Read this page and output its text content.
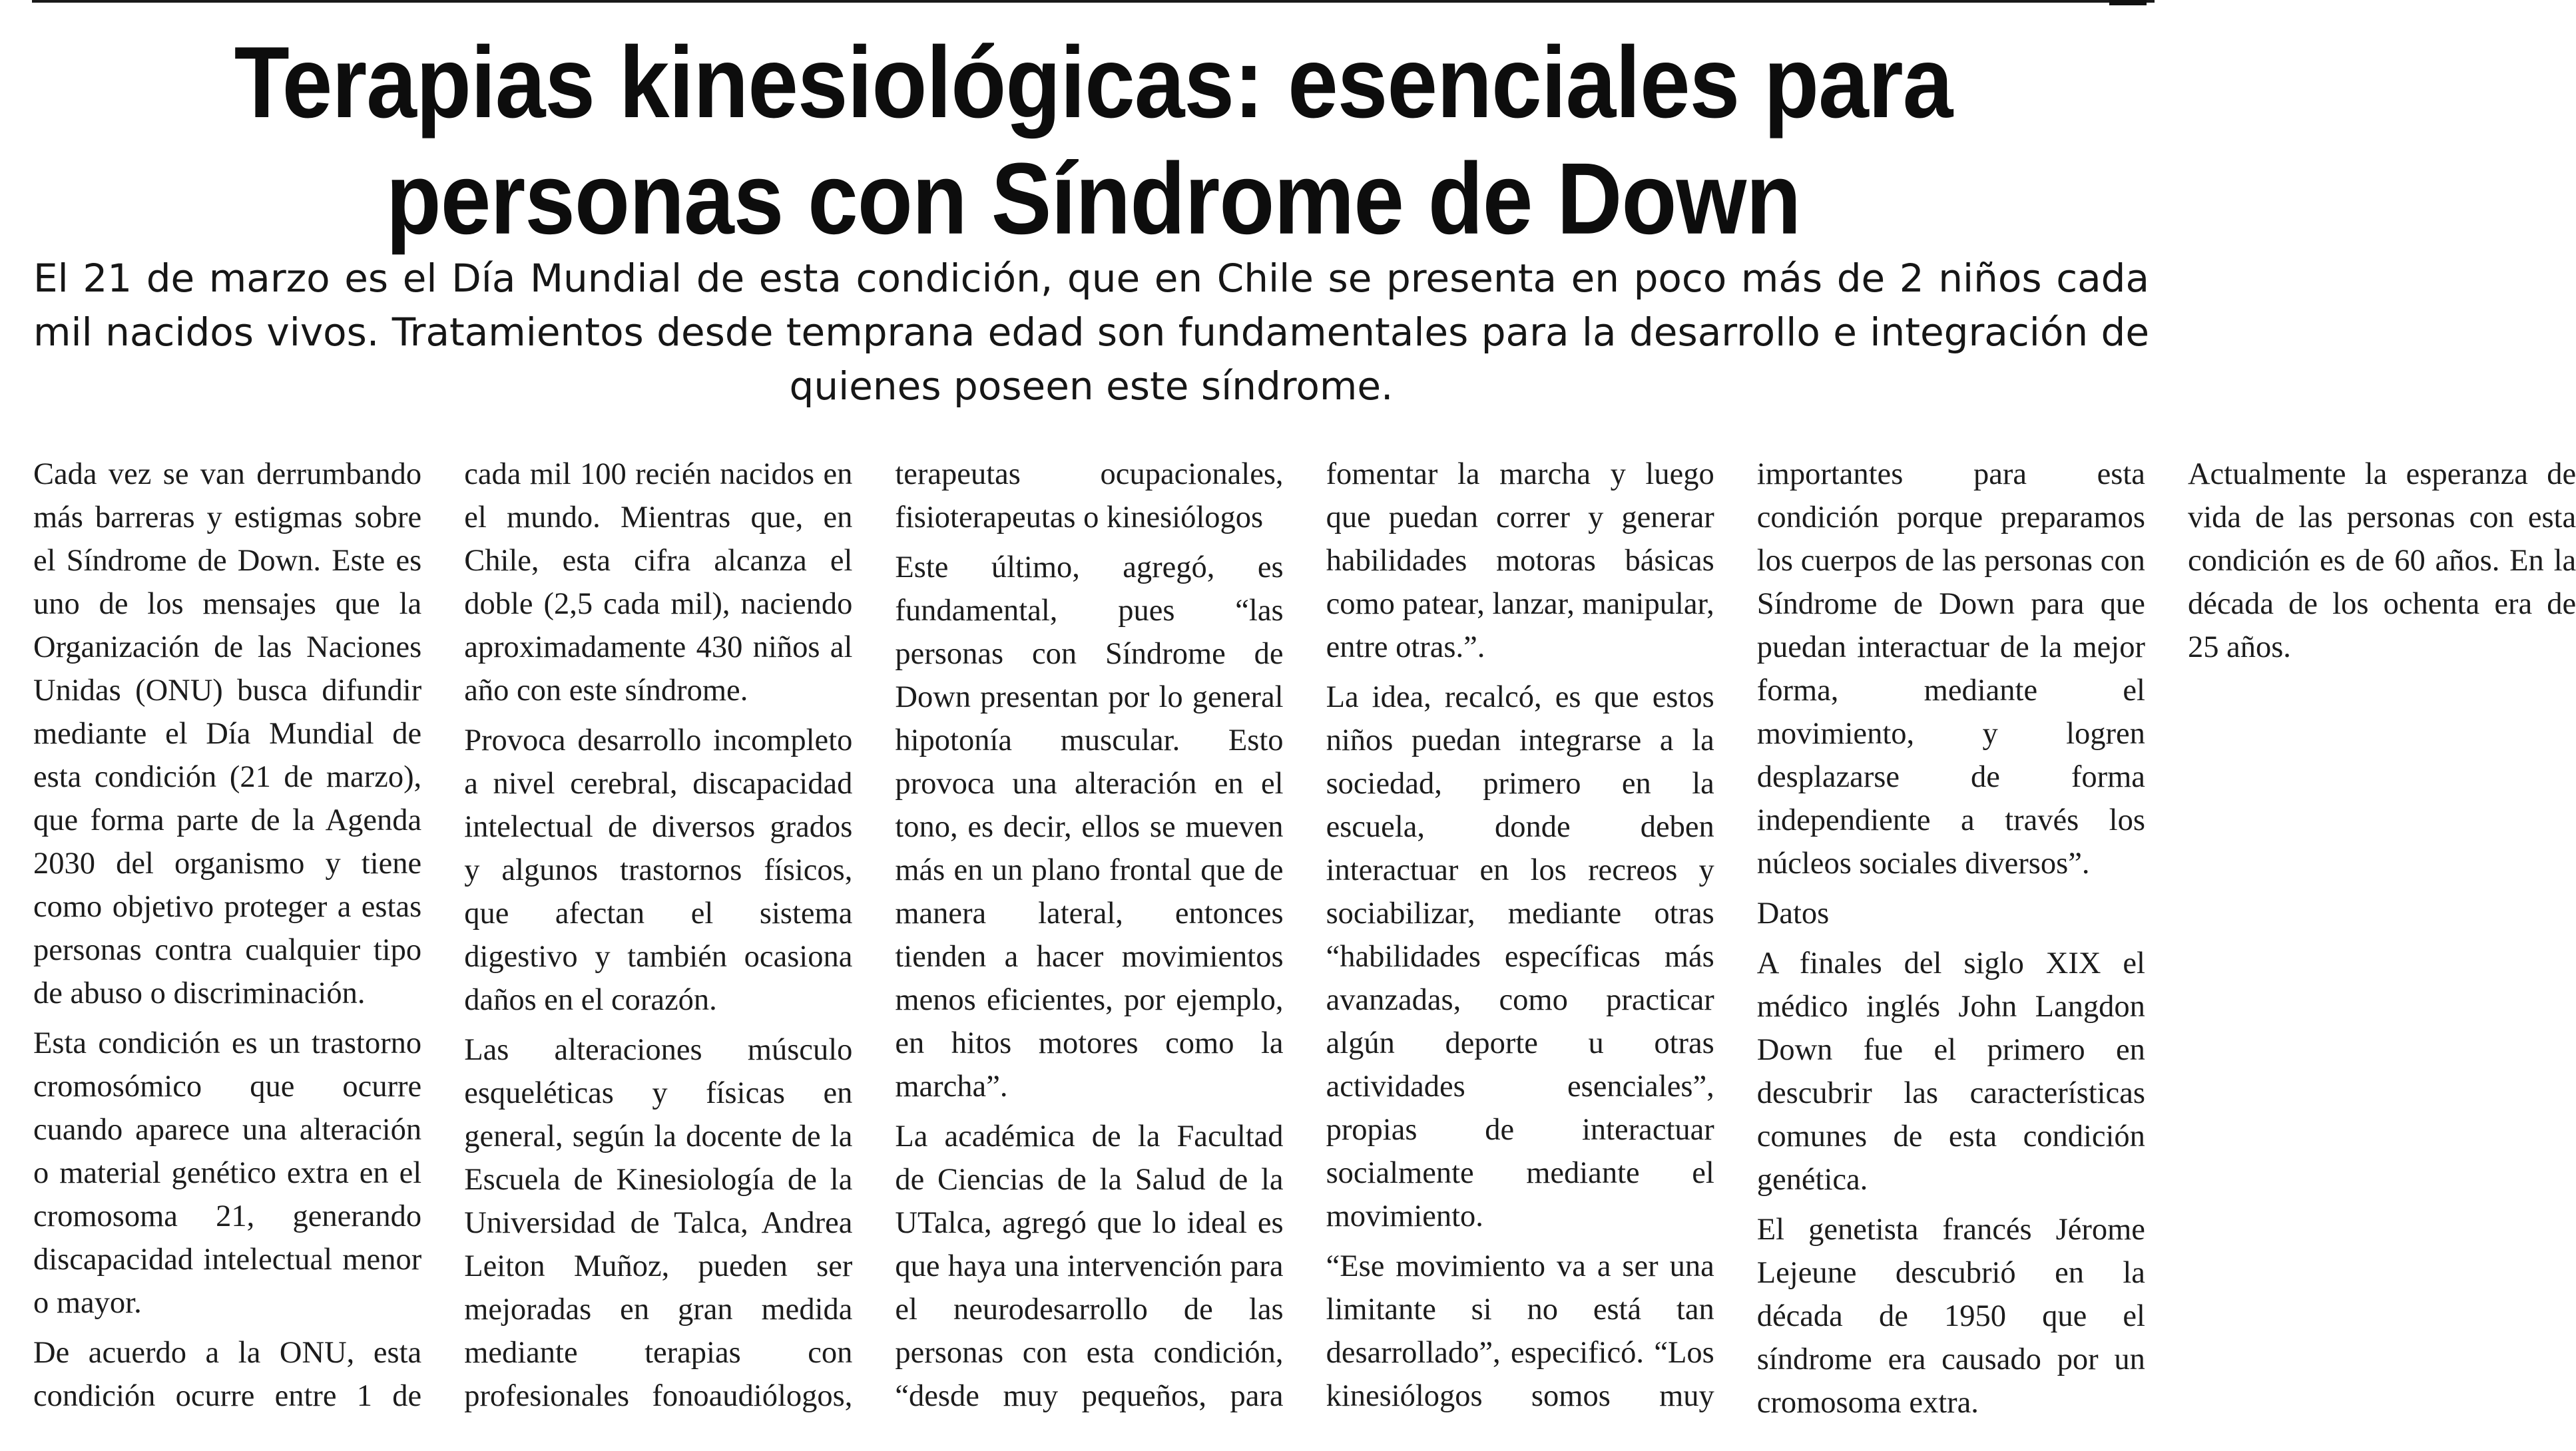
Terapias kinesiológicas: esenciales para personas con Síndrome de Down

El 21 de marzo es el Día Mundial de esta condición, que en Chile se presenta en poco más de 2 niños cada mil nacidos vivos. Tratamientos desde temprana edad son fundamentales para la desarrollo e integración de quienes poseen este síndrome.

Cada vez se van derrumbando más barreras y estigmas sobre el Síndrome de Down. Este es uno de los mensajes que la Organización de las Naciones Unidas (ONU) busca difundir mediante el Día Mundial de esta condición (21 de marzo), que forma parte de la Agenda 2030 del organismo y tiene como objetivo proteger a estas personas contra cualquier tipo de abuso o discriminación.

Esta condición es un trastorno cromosómico que ocurre cuando aparece una alteración o material genético extra en el cromosoma 21, generando discapacidad intelectual menor o mayor.

De acuerdo a la ONU, esta condición ocurre entre 1 de cada mil 100 recién nacidos en el mundo. Mientras que, en Chile, esta cifra alcanza el doble (2,5 cada mil), naciendo aproximadamente 430 niños al año con este síndrome.

Provoca desarrollo incompleto a nivel cerebral, discapacidad intelectual de diversos grados y algunos trastornos físicos, que afectan el sistema digestivo y también ocasiona daños en el corazón.

Las alteraciones músculo esqueléticas y físicas en general, según la docente de la Escuela de Kinesiología de la Universidad de Talca, Andrea Leiton Muñoz, pueden ser mejoradas en gran medida mediante terapias con profesionales fonoaudiólogos, terapeutas ocupacionales, fisioterapeutas o kinesiólogos

Este último, agregó, es fundamental, pues “las personas con Síndrome de Down presentan por lo general hipotonía muscular. Esto provoca una alteración en el tono, es decir, ellos se mueven más en un plano frontal que de manera lateral, entonces tienden a hacer movimientos menos eficientes, por ejemplo, en hitos motores como la marcha”.

La académica de la Facultad de Ciencias de la Salud de la UTalca, agregó que lo ideal es que haya una intervención para el neurodesarrollo de las personas con esta condición, “desde muy pequeños, para fomentar la marcha y luego que puedan correr y generar habilidades motoras básicas como patear, lanzar, manipular, entre otras.”.

La idea, recalcó, es que estos niños puedan integrarse a la sociedad, primero en la escuela, donde deben interactuar en los recreos y sociabilizar, mediante otras “habilidades específicas más avanzadas, como practicar algún deporte u otras actividades esenciales”, propias de interactuar socialmente mediante el movimiento.

“Ese movimiento va a ser una limitante si no está tan desarrollado”, especificó. “Los kinesiólogos somos muy importantes para esta condición porque preparamos los cuerpos de las personas con Síndrome de Down para que puedan interactuar de la mejor forma, mediante el movimiento, y logren desplazarse de forma independiente a través los núcleos sociales diversos”.

Datos

A finales del siglo XIX el médico inglés John Langdon Down fue el primero en descubrir las características comunes de esta condición genética.

El genetista francés Jérome Lejeune descubrió en la década de 1950 que el síndrome era causado por un cromosoma extra.

Actualmente la esperanza de vida de las personas con esta condición es de 60 años. En la década de los ochenta era de 25 años.
